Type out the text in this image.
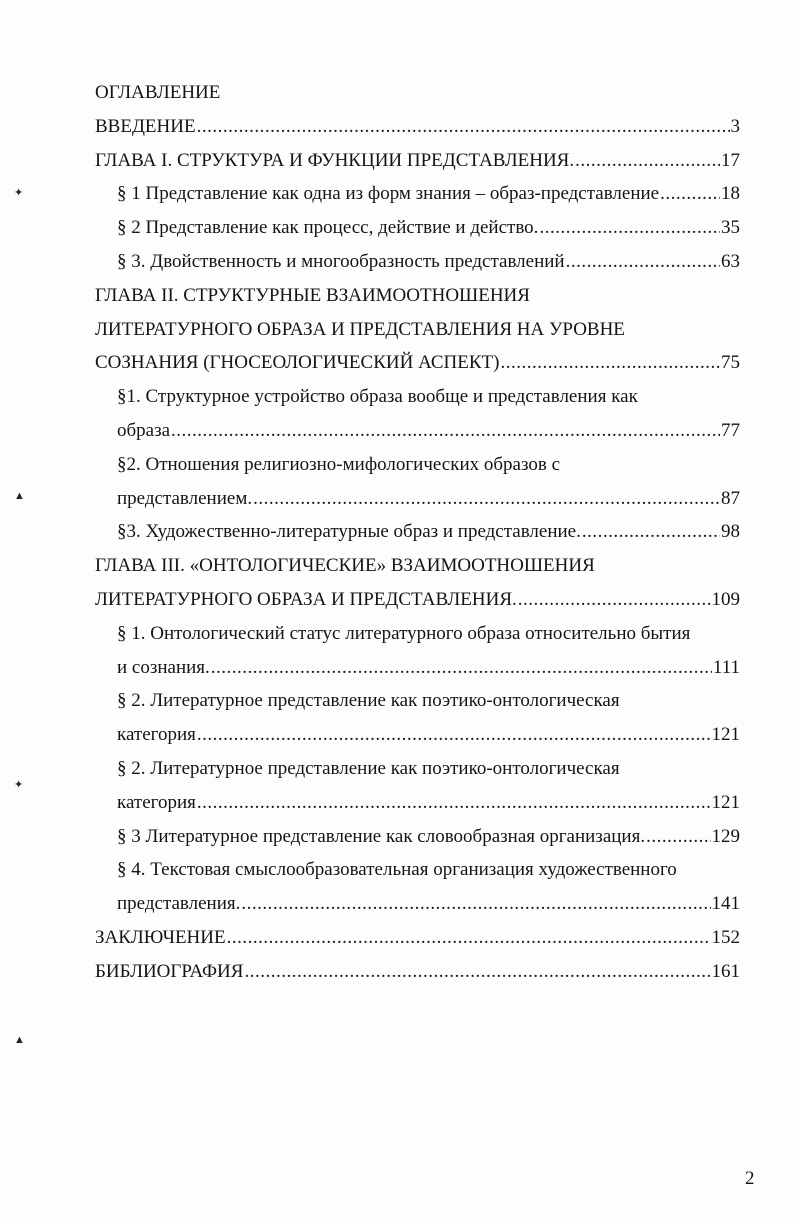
✦
▲
✦
▲
ОГЛАВЛЕНИЕ
ВВЕДЕНИЕ .....	3
ГЛАВА I. СТРУКТУРА И ФУНКЦИИ ПРЕДСТАВЛЕНИЯ. .....	17
§ 1 Представление как одна из форм знания – образ-представление .....	18
§ 2 Представление как процесс, действие и действо. .....	35
§ 3. Двойственность и многообразность представлений .....	63
ГЛАВА II. СТРУКТУРНЫЕ ВЗАИМООТНОШЕНИЯ
ЛИТЕРАТУРНОГО ОБРАЗА И ПРЕДСТАВЛЕНИЯ НА УРОВНЕ
СОЗНАНИЯ (ГНОСЕОЛОГИЧЕСКИЙ АСПЕКТ) .....	75
§1. Структурное устройство образа вообще и представления как
образа .....	77
§2. Отношения религиозно-мифологических образов с
представлением. .....	87
§3. Художественно-литературные образ и представление. .....	98
ГЛАВА III. «ОНТОЛОГИЧЕСКИЕ» ВЗАИМООТНОШЕНИЯ
ЛИТЕРАТУРНОГО ОБРАЗА И ПРЕДСТАВЛЕНИЯ. .....	109
§ 1. Онтологический статус литературного образа относительно бытия
и сознания. .....	111
§ 2. Литературное представление как поэтико-онтологическая
категория .....	121
§ 2. Литературное представление как поэтико-онтологическая
категория .....	121
§ 3 Литературное представление как словообразная организация. .....	129
§ 4. Текстовая смыслообразовательная организация художественного
представления. .....	141
ЗАКЛЮЧЕНИЕ .....	152
БИБЛИОГРАФИЯ .....	161
2
